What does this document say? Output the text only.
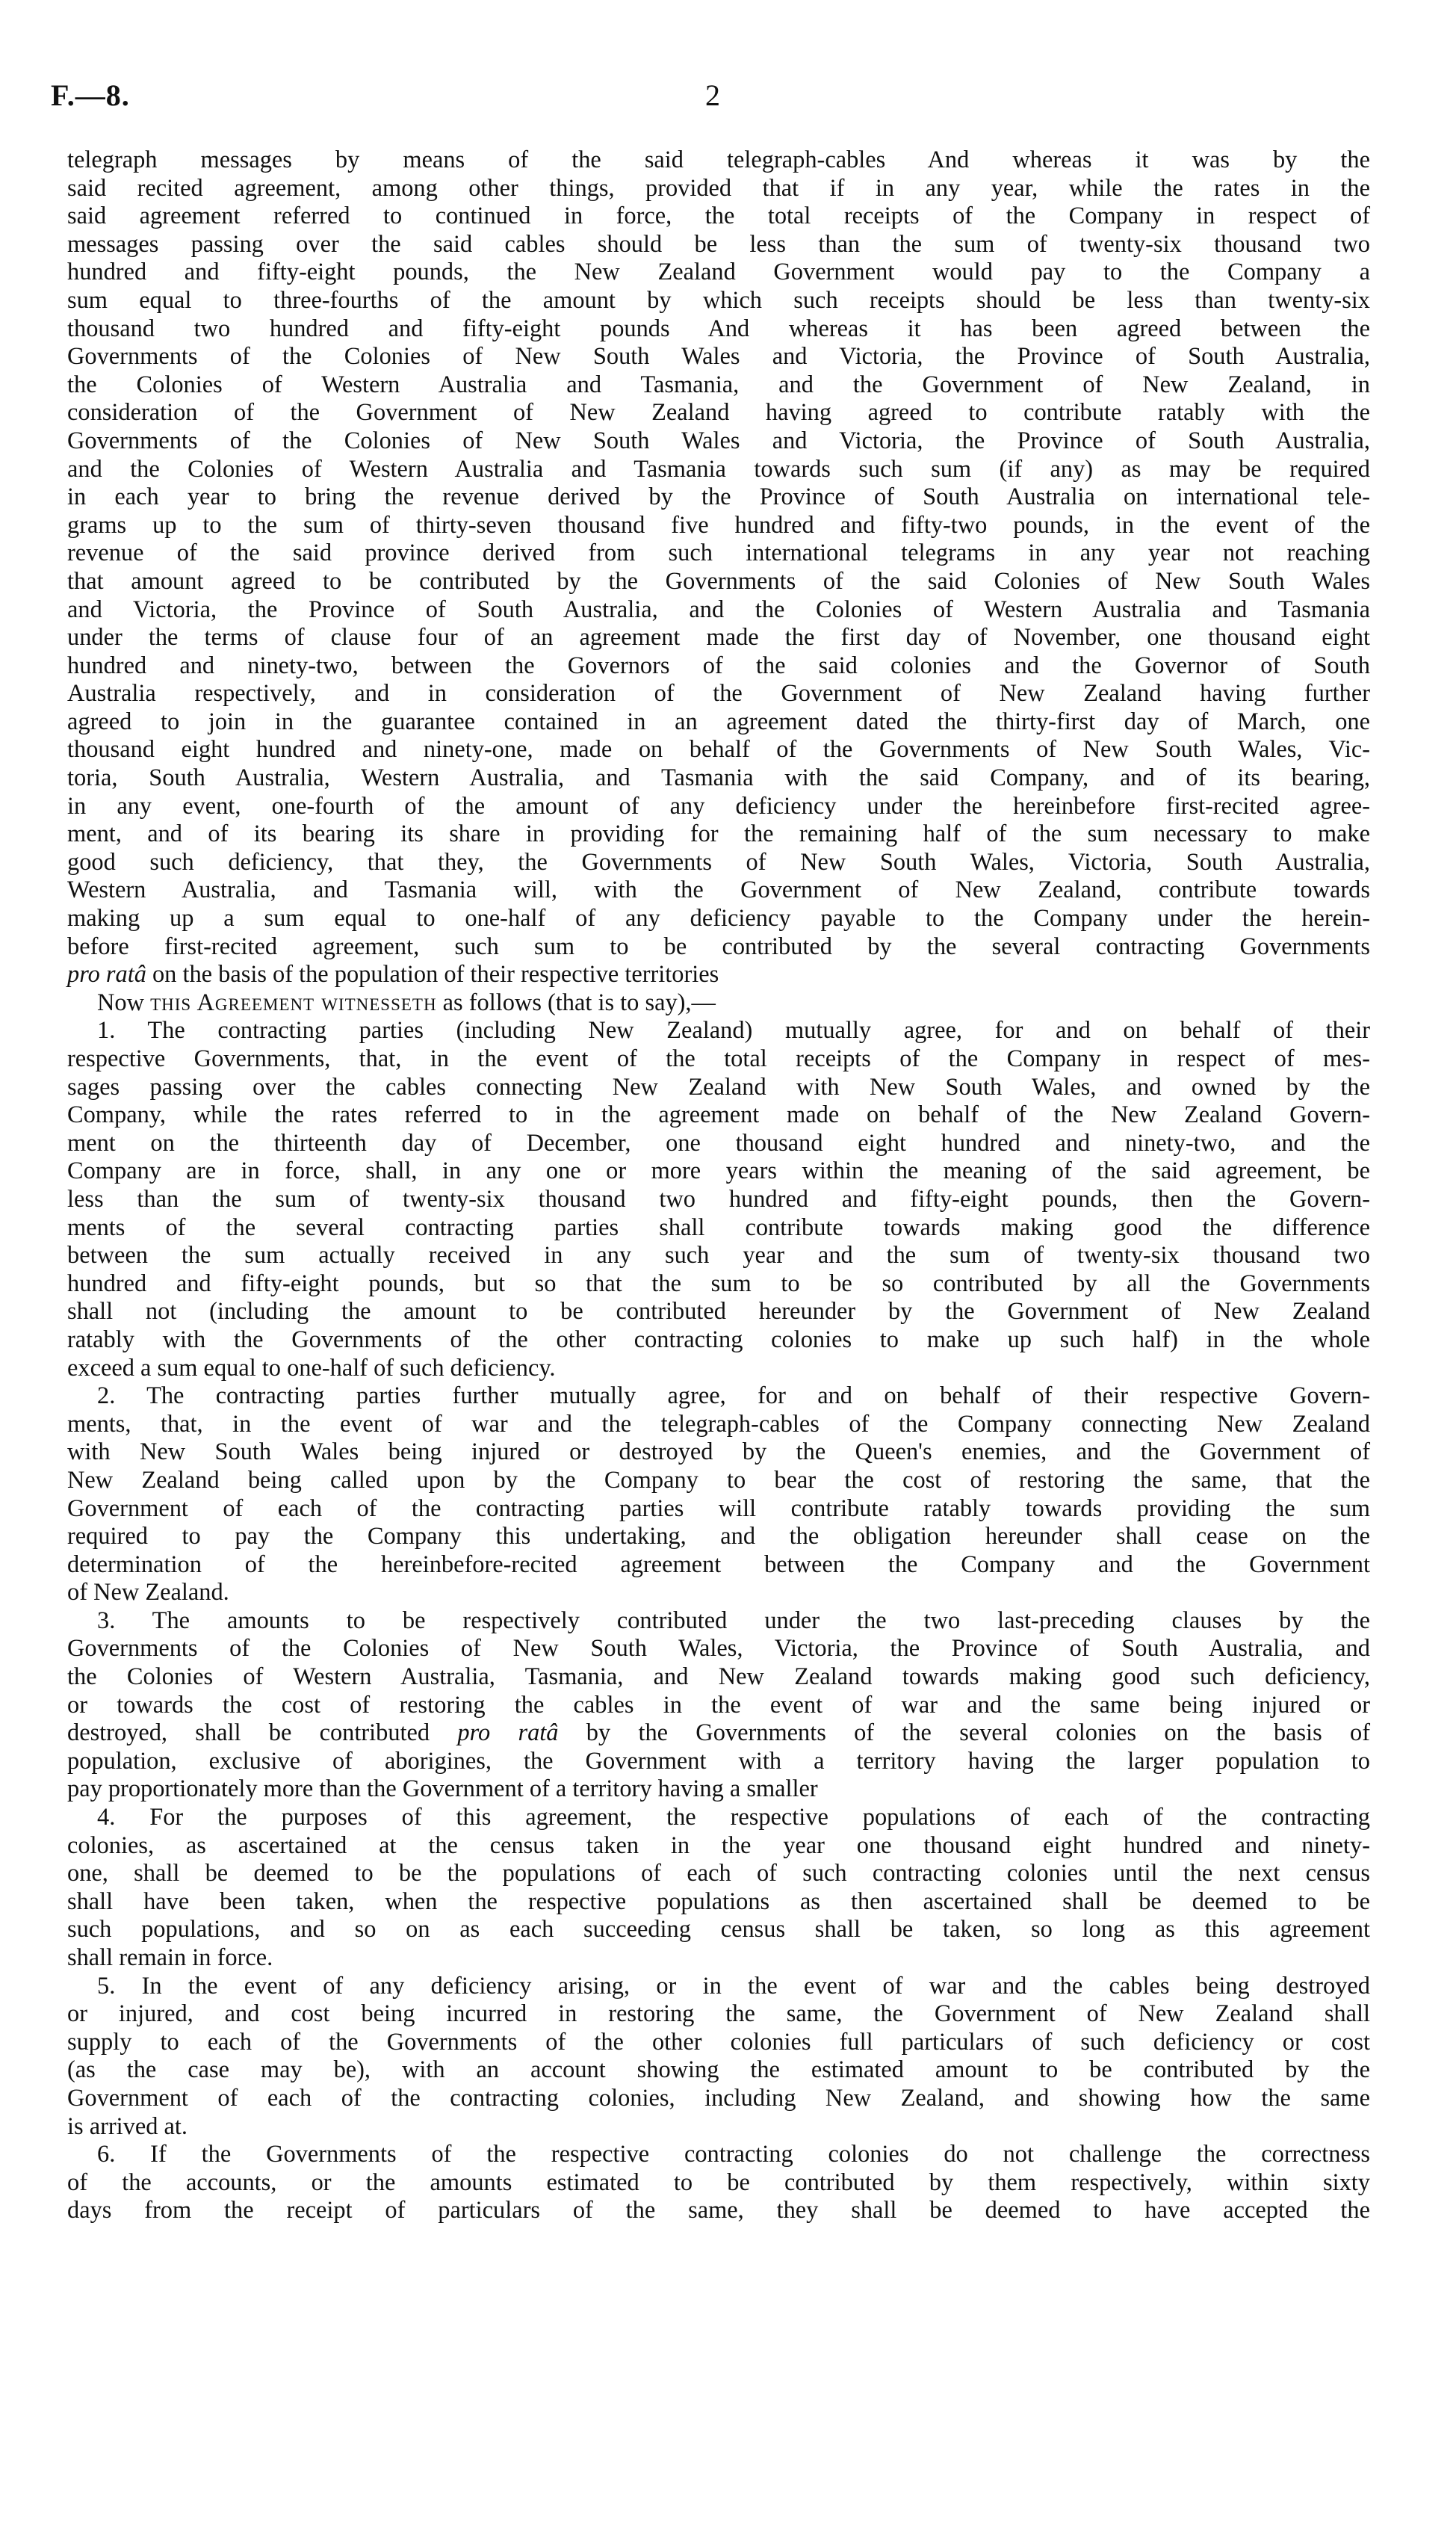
F.—8.	2

telegraph messages by means of the said telegraph-cables And whereas it was by the
said recited agreement, among other things, provided that if in any year, while the rates in the
said agreement referred to continued in force, the total receipts of the Company in respect of
messages passing over the said cables should be less than the sum of twenty-six thousand two
hundred and fifty-eight pounds, the New Zealand Government would pay to the Company a
sum equal to three-fourths of the amount by which such receipts should be less than twenty-six
thousand two hundred and fifty-eight pounds And whereas it has been agreed between the
Governments of the Colonies of New South Wales and Victoria, the Province of South Australia,
the Colonies of Western Australia and Tasmania, and the Government of New Zealand, in
consideration of the Government of New Zealand having agreed to contribute ratably with the
Governments of the Colonies of New South Wales and Victoria, the Province of South Australia,
and the Colonies of Western Australia and Tasmania towards such sum (if any) as may be required
in each year to bring the revenue derived by the Province of South Australia on international tele-
grams up to the sum of thirty-seven thousand five hundred and fifty-two pounds, in the event of the
revenue of the said province derived from such international telegrams in any year not reaching
that amount agreed to be contributed by the Governments of the said Colonies of New South Wales
and Victoria, the Province of South Australia, and the Colonies of Western Australia and Tasmania
under the terms of clause four of an agreement made the first day of November, one thousand eight
hundred and ninety-two, between the Governors of the said colonies and the Governor of South
Australia respectively, and in consideration of the Government of New Zealand having further
agreed to join in the guarantee contained in an agreement dated the thirty-first day of March, one
thousand eight hundred and ninety-one, made on behalf of the Governments of New South Wales, Vic-
toria, South Australia, Western Australia, and Tasmania with the said Company, and of its bearing,
in any event, one-fourth of the amount of any deficiency under the hereinbefore first-recited agree-
ment, and of its bearing its share in providing for the remaining half of the sum necessary to make
good such deficiency, that they, the Governments of New South Wales, Victoria, South Australia,
Western Australia, and Tasmania will, with the Government of New Zealand, contribute towards
making up a sum equal to one-half of any deficiency payable to the Company under the herein-
before first-recited agreement, such sum to be contributed by the several contracting Governments
pro ratâ on the basis of the population of their respective territories

Now this Agreement witnesseth as follows (that is to say),—

1. The contracting parties (including New Zealand) mutually agree, for and on behalf of their
respective Governments, that, in the event of the total receipts of the Company in respect of mes-
sages passing over the cables connecting New Zealand with New South Wales, and owned by the
Company, while the rates referred to in the agreement made on behalf of the New Zealand Govern-
ment on the thirteenth day of December, one thousand eight hundred and ninety-two, and the
Company are in force, shall, in any one or more years within the meaning of the said agreement, be
less than the sum of twenty-six thousand two hundred and fifty-eight pounds, then the Govern-
ments of the several contracting parties shall contribute towards making good the difference
between the sum actually received in any such year and the sum of twenty-six thousand two
hundred and fifty-eight pounds, but so that the sum to be so contributed by all the Governments
shall not (including the amount to be contributed hereunder by the Government of New Zealand
ratably with the Governments of the other contracting colonies to make up such half) in the whole
exceed a sum equal to one-half of such deficiency.

2. The contracting parties further mutually agree, for and on behalf of their respective Govern-
ments, that, in the event of war and the telegraph-cables of the Company connecting New Zealand
with New South Wales being injured or destroyed by the Queen's enemies, and the Government of
New Zealand being called upon by the Company to bear the cost of restoring the same, that the
Government of each of the contracting parties will contribute ratably towards providing the sum
required to pay the Company this undertaking, and the obligation hereunder shall cease on the
determination of the hereinbefore-recited agreement between the Company and the Government
of New Zealand.

3. The amounts to be respectively contributed under the two last-preceding clauses by the
Governments of the Colonies of New South Wales, Victoria, the Province of South Australia, and
the Colonies of Western Australia, Tasmania, and New Zealand towards making good such deficiency,
or towards the cost of restoring the cables in the event of war and the same being injured or
destroyed, shall be contributed pro ratâ by the Governments of the several colonies on the basis of
population, exclusive of aborigines, the Government with a territory having the larger population to
pay proportionately more than the Government of a territory having a smaller

4. For the purposes of this agreement, the respective populations of each of the contracting
colonies, as ascertained at the census taken in the year one thousand eight hundred and ninety-
one, shall be deemed to be the populations of each of such contracting colonies until the next census
shall have been taken, when the respective populations as then ascertained shall be deemed to be
such populations, and so on as each succeeding census shall be taken, so long as this agreement
shall remain in force.

5. In the event of any deficiency arising, or in the event of war and the cables being destroyed
or injured, and cost being incurred in restoring the same, the Government of New Zealand shall
supply to each of the Governments of the other colonies full particulars of such deficiency or cost
(as the case may be), with an account showing the estimated amount to be contributed by the
Government of each of the contracting colonies, including New Zealand, and showing how the same
is arrived at.

6. If the Governments of the respective contracting colonies do not challenge the correctness
of the accounts, or the amounts estimated to be contributed by them respectively, within sixty
days from the receipt of particulars of the same, they shall be deemed to have accepted the
